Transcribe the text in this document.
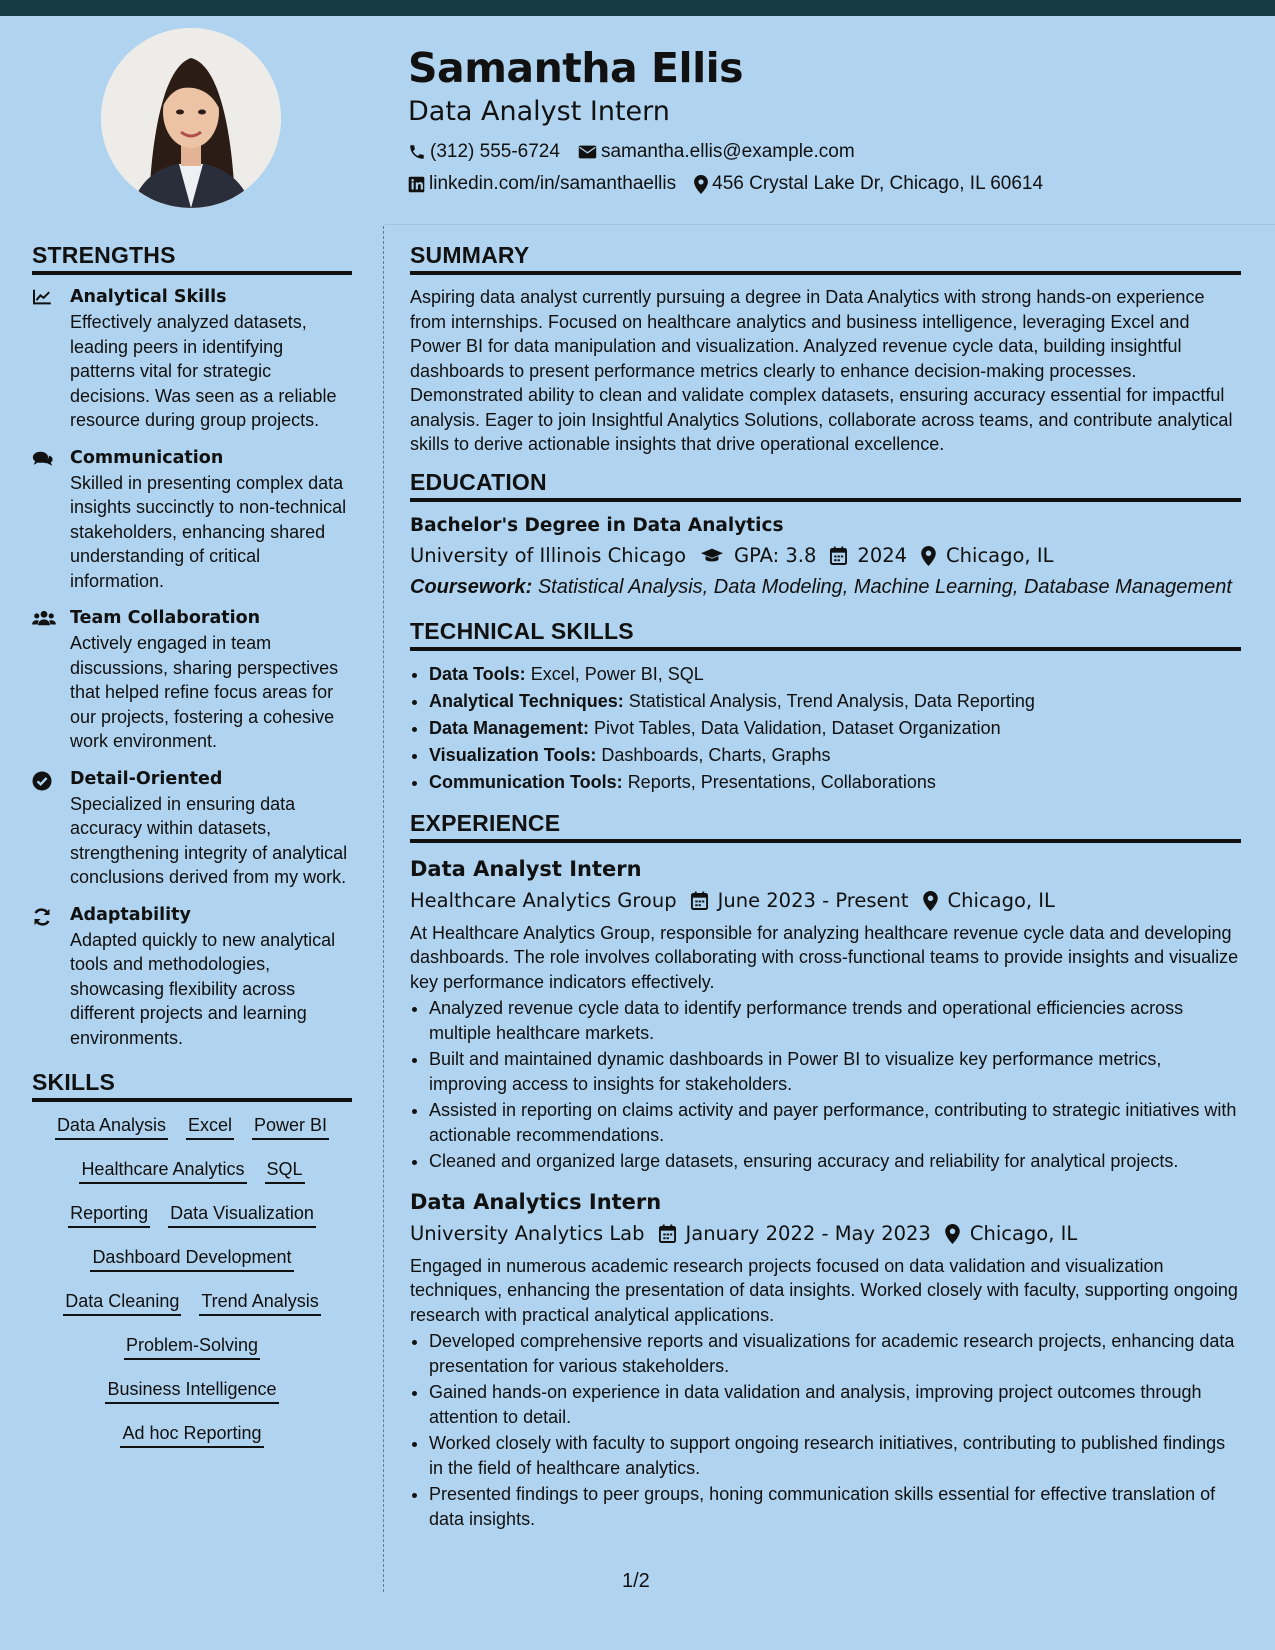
Samantha Ellis
Data Analyst Intern
(312) 555-6724 samantha.ellis@example.com
linkedin.com/in/samanthaellis 456 Crystal Lake Dr, Chicago, IL 60614
STRENGTHS
Analytical Skills
Effectively analyzed datasets, leading peers in identifying patterns vital for strategic decisions. Was seen as a reliable resource during group projects.
Communication
Skilled in presenting complex data insights succinctly to non-technical stakeholders, enhancing shared understanding of critical information.
Team Collaboration
Actively engaged in team discussions, sharing perspectives that helped refine focus areas for our projects, fostering a cohesive work environment.
Detail-Oriented
Specialized in ensuring data accuracy within datasets, strengthening integrity of analytical conclusions derived from my work.
Adaptability
Adapted quickly to new analytical tools and methodologies, showcasing flexibility across different projects and learning environments.
SKILLS
Data Analysis Excel Power BI
Healthcare Analytics SQL
Reporting Data Visualization
Dashboard Development
Data Cleaning Trend Analysis
Problem-Solving
Business Intelligence
Ad hoc Reporting
SUMMARY

Aspiring data analyst currently pursuing a degree in Data Analytics with strong hands-on experience from internships. Focused on healthcare analytics and business intelligence, leveraging Excel and Power BI for data manipulation and visualization. Analyzed revenue cycle data, building insightful dashboards to present performance metrics clearly to enhance decision-making processes. Demonstrated ability to clean and validate complex datasets, ensuring accuracy essential for impactful analysis. Eager to join Insightful Analytics Solutions, collaborate across teams, and contribute analytical skills to derive actionable insights that drive operational excellence.

EDUCATION
Bachelor's Degree in Data Analytics
University of Illinois Chicago GPA: 3.8 2024 Chicago, IL
Coursework: Statistical Analysis, Data Modeling, Machine Learning, Database Management
TECHNICAL SKILLS
• Data Tools: Excel, Power BI, SQL
• Analytical Techniques: Statistical Analysis, Trend Analysis, Data Reporting
• Data Management: Pivot Tables, Data Validation, Dataset Organization
• Visualization Tools: Dashboards, Charts, Graphs
• Communication Tools: Reports, Presentations, Collaborations
EXPERIENCE
Data Analyst Intern
Healthcare Analytics Group June 2023 - Present Chicago, IL
At Healthcare Analytics Group, responsible for analyzing healthcare revenue cycle data and developing dashboards. The role involves collaborating with cross-functional teams to provide insights and visualize key performance indicators effectively.
• Analyzed revenue cycle data to identify performance trends and operational efficiencies across multiple healthcare markets.
• Built and maintained dynamic dashboards in Power BI to visualize key performance metrics, improving access to insights for stakeholders.
• Assisted in reporting on claims activity and payer performance, contributing to strategic initiatives with actionable recommendations.
• Cleaned and organized large datasets, ensuring accuracy and reliability for analytical projects.
Data Analytics Intern
University Analytics Lab January 2022 - May 2023 Chicago, IL
Engaged in numerous academic research projects focused on data validation and visualization techniques, enhancing the presentation of data insights. Worked closely with faculty, supporting ongoing research with practical analytical applications.
• Developed comprehensive reports and visualizations for academic research projects, enhancing data presentation for various stakeholders.
• Gained hands-on experience in data validation and analysis, improving project outcomes through attention to detail.
• Worked closely with faculty to support ongoing research initiatives, contributing to published findings in the field of healthcare analytics.
• Presented findings to peer groups, honing communication skills essential for effective translation of data insights.
1/2
